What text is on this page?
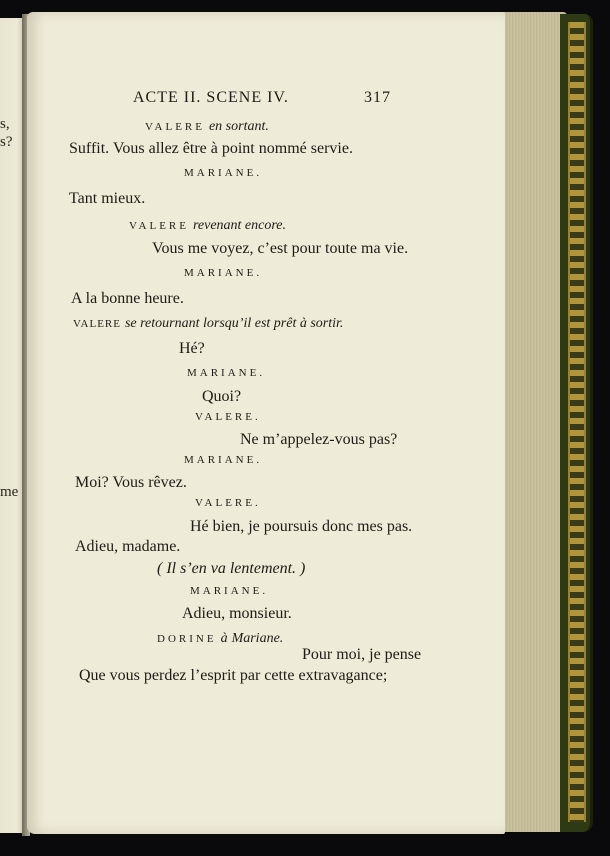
s,
s?
me
ACTE II. SCENE IV.	317
VALERE en sortant.
Suffit. Vous allez être à point nommé servie.
MARIANE.
Tant mieux.
VALERE revenant encore.
Vous me voyez, c’est pour toute ma vie.
MARIANE.
A la bonne heure.
VALERE se retournant lorsqu’il est prêt à sortir.
Hé?
MARIANE.
Quoi?
VALERE.
Ne m’appelez-vous pas?
MARIANE.
Moi? Vous rêvez.
VALERE.
Hé bien, je poursuis donc mes pas.
Adieu, madame.
( Il s’en va lentement. )
MARIANE.
Adieu, monsieur.
DORINE à Mariane.
Pour moi, je pense
Que vous perdez l’esprit par cette extravagance;
